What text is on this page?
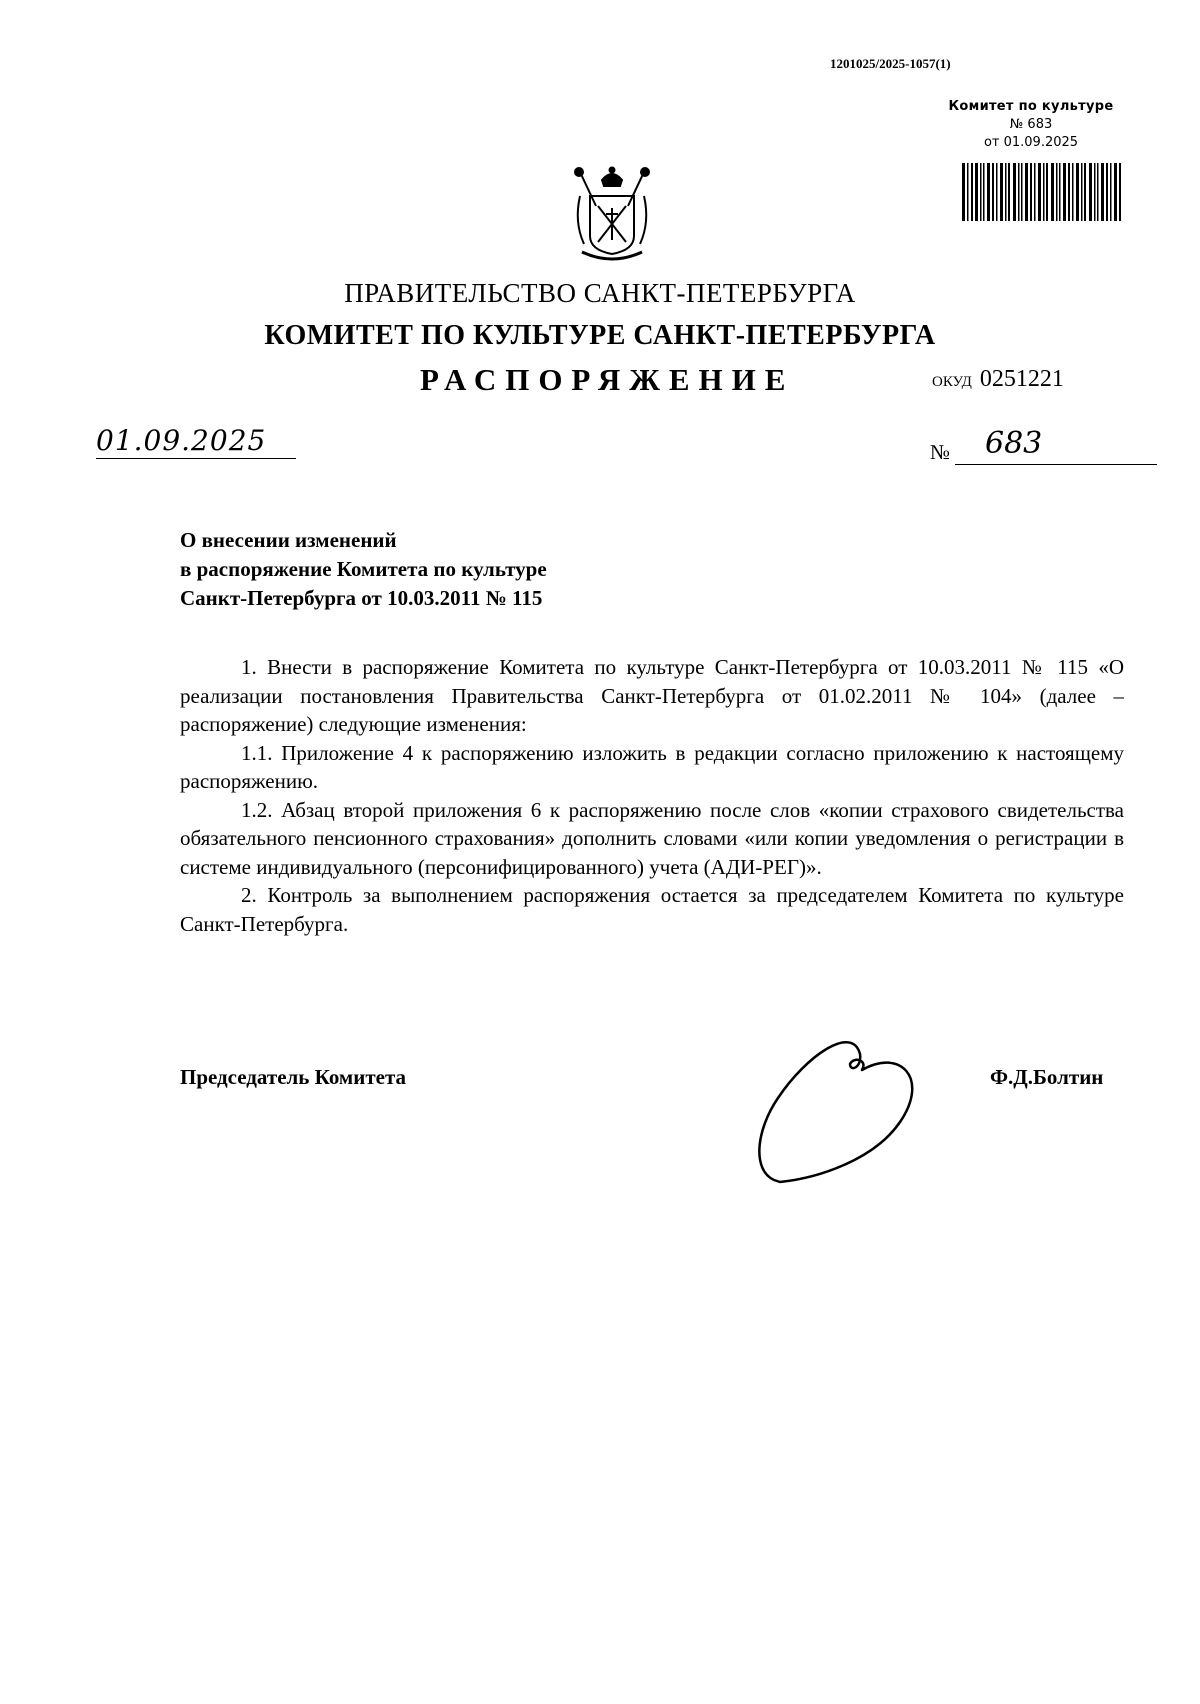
1201025/2025-1057(1)
Комитет по культуре
№ 683
от 01.09.2025
ПРАВИТЕЛЬСТВО САНКТ-ПЕТЕРБУРГА
КОМИТЕТ ПО КУЛЬТУРЕ САНКТ-ПЕТЕРБУРГА
РАСПОРЯЖЕНИЕ	ОКУД 0251221
01.09.2025	№ 683
О внесении изменений
в распоряжение Комитета по культуре
Санкт-Петербурга от 10.03.2011 № 115

1. Внести в распоряжение Комитета по культуре Санкт-Петербурга от 10.03.2011 № 115 «О реализации постановления Правительства Санкт-Петербурга от 01.02.2011 № 104» (далее – распоряжение) следующие изменения:

1.1. Приложение 4 к распоряжению изложить в редакции согласно приложению к настоящему распоряжению.

1.2. Абзац второй приложения 6 к распоряжению после слов «копии страхового свидетельства обязательного пенсионного страхования» дополнить словами «или копии уведомления о регистрации в системе индивидуального (персонифицированного) учета (АДИ-РЕГ)».

2. Контроль за выполнением распоряжения остается за председателем Комитета по культуре Санкт-Петербурга.

Председатель Комитета	Ф.Д.Болтин
